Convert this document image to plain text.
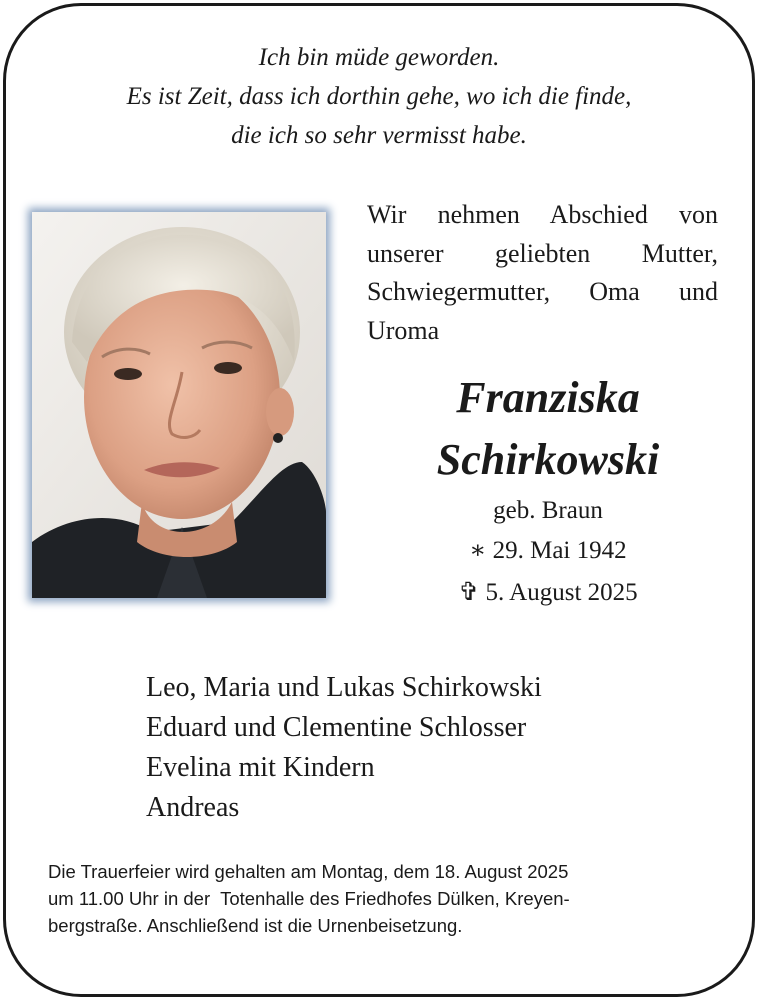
Ich bin müde geworden.
Es ist Zeit, dass ich dorthin gehe, wo ich die finde,
die ich so sehr vermisst habe.
Wir nehmen Abschied von
unserer geliebten Mutter,
Schwiegermutter, Oma und
Uroma
Franziska
Schirkowski
geb. Braun
∗ 29. Mai 1942
✞ 5. August 2025
Leo, Maria und Lukas Schirkowski
Eduard und Clementine Schlosser
Evelina mit Kindern
Andreas
Die Trauerfeier wird gehalten am Montag, dem 18. August 2025
um 11.00 Uhr in der  Totenhalle des Friedhofes Dülken, Kreyen-
bergstraße. Anschließend ist die Urnenbeisetzung.
